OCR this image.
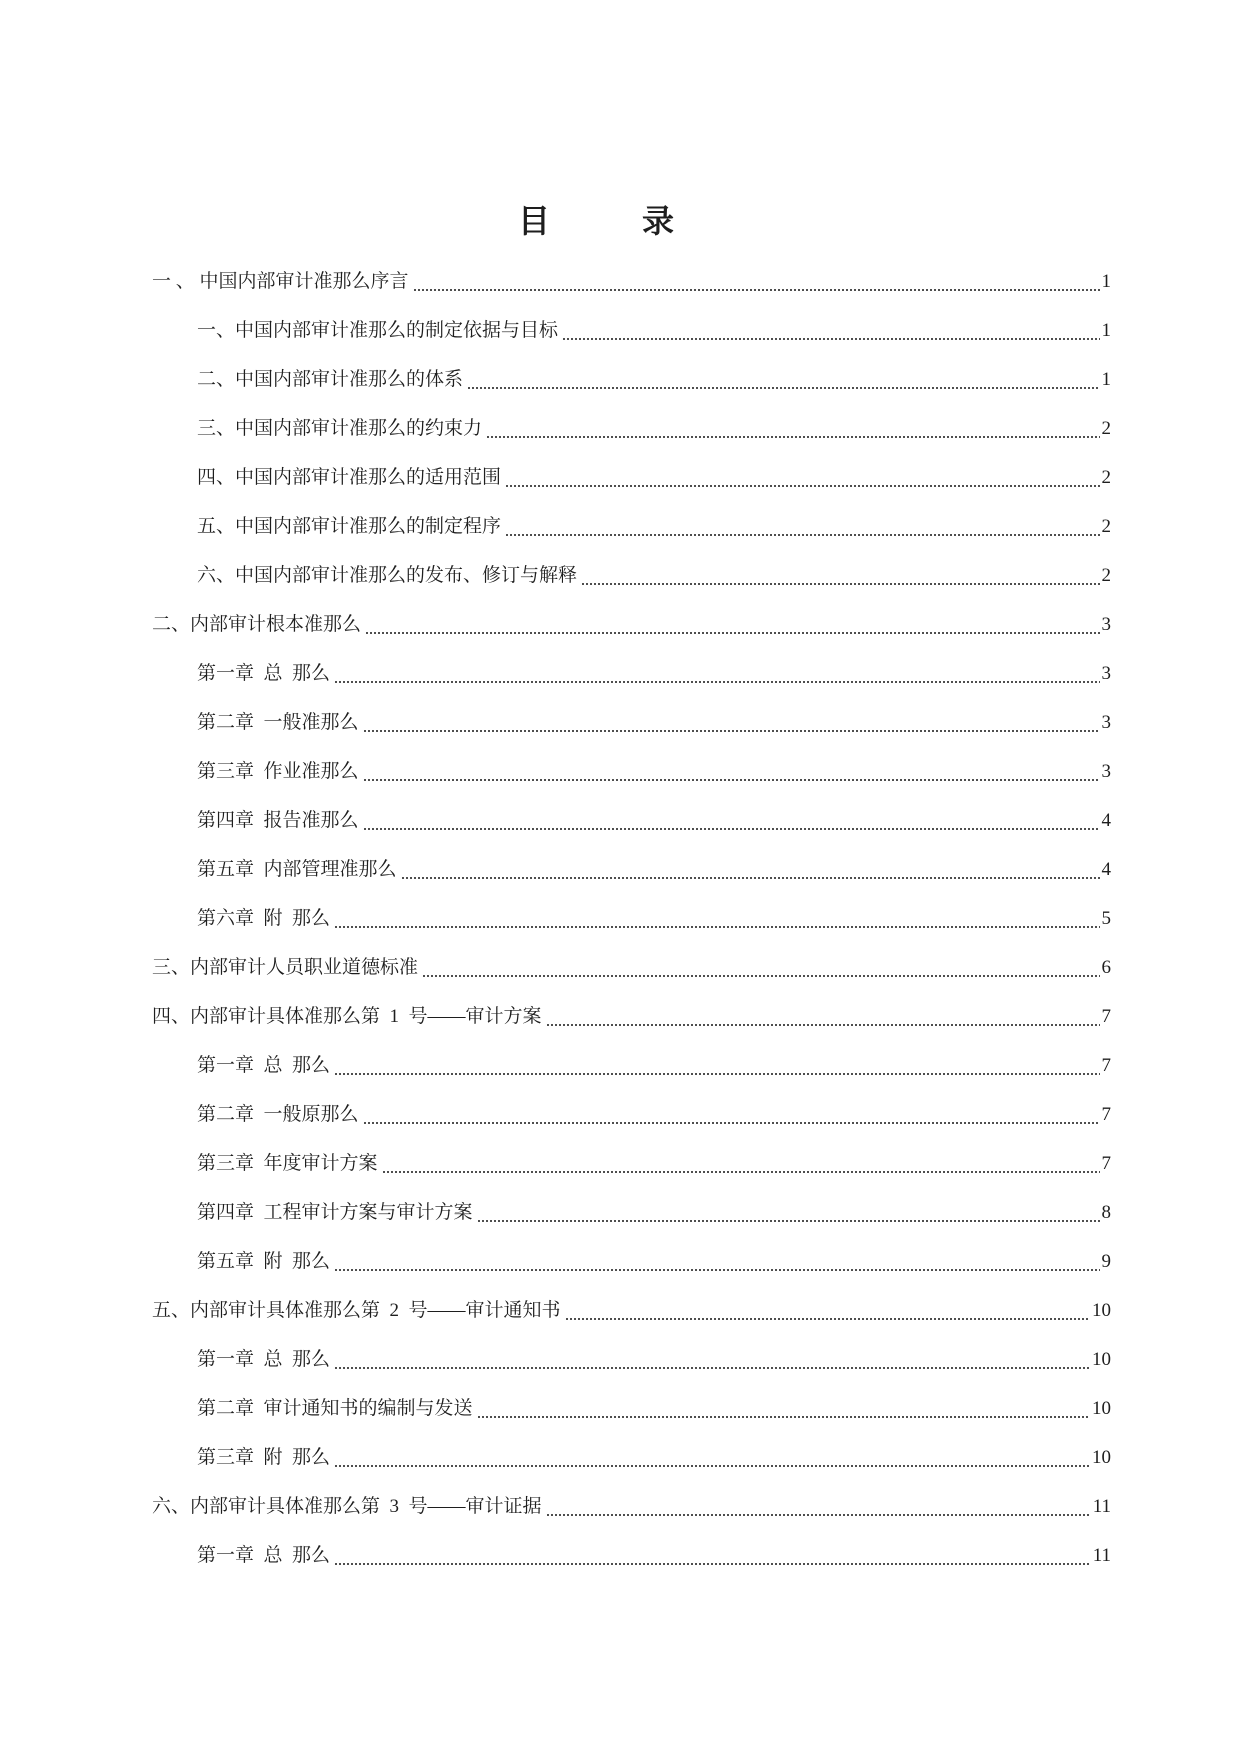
目 录
一 、 中国内部审计准那么序言	1
一、中国内部审计准那么的制定依据与目标	1
二、中国内部审计准那么的体系	1
三、中国内部审计准那么的约束力	2
四、中国内部审计准那么的适用范围	2
五、中国内部审计准那么的制定程序	2
六、中国内部审计准那么的发布、修订与解释	2
二、内部审计根本准那么	3
第一章  总  那么	3
第二章  一般准那么	3
第三章  作业准那么	3
第四章  报告准那么	4
第五章  内部管理准那么	4
第六章  附  那么	5
三、内部审计人员职业道德标准	6
四、内部审计具体准那么第  1  号——审计方案	7
第一章  总  那么	7
第二章  一般原那么	7
第三章  年度审计方案	7
第四章  工程审计方案与审计方案	8
第五章  附  那么	9
五、内部审计具体准那么第  2  号——审计通知书	10
第一章  总  那么	10
第二章  审计通知书的编制与发送	10
第三章  附  那么	10
六、内部审计具体准那么第  3  号——审计证据	11
第一章  总  那么	11
